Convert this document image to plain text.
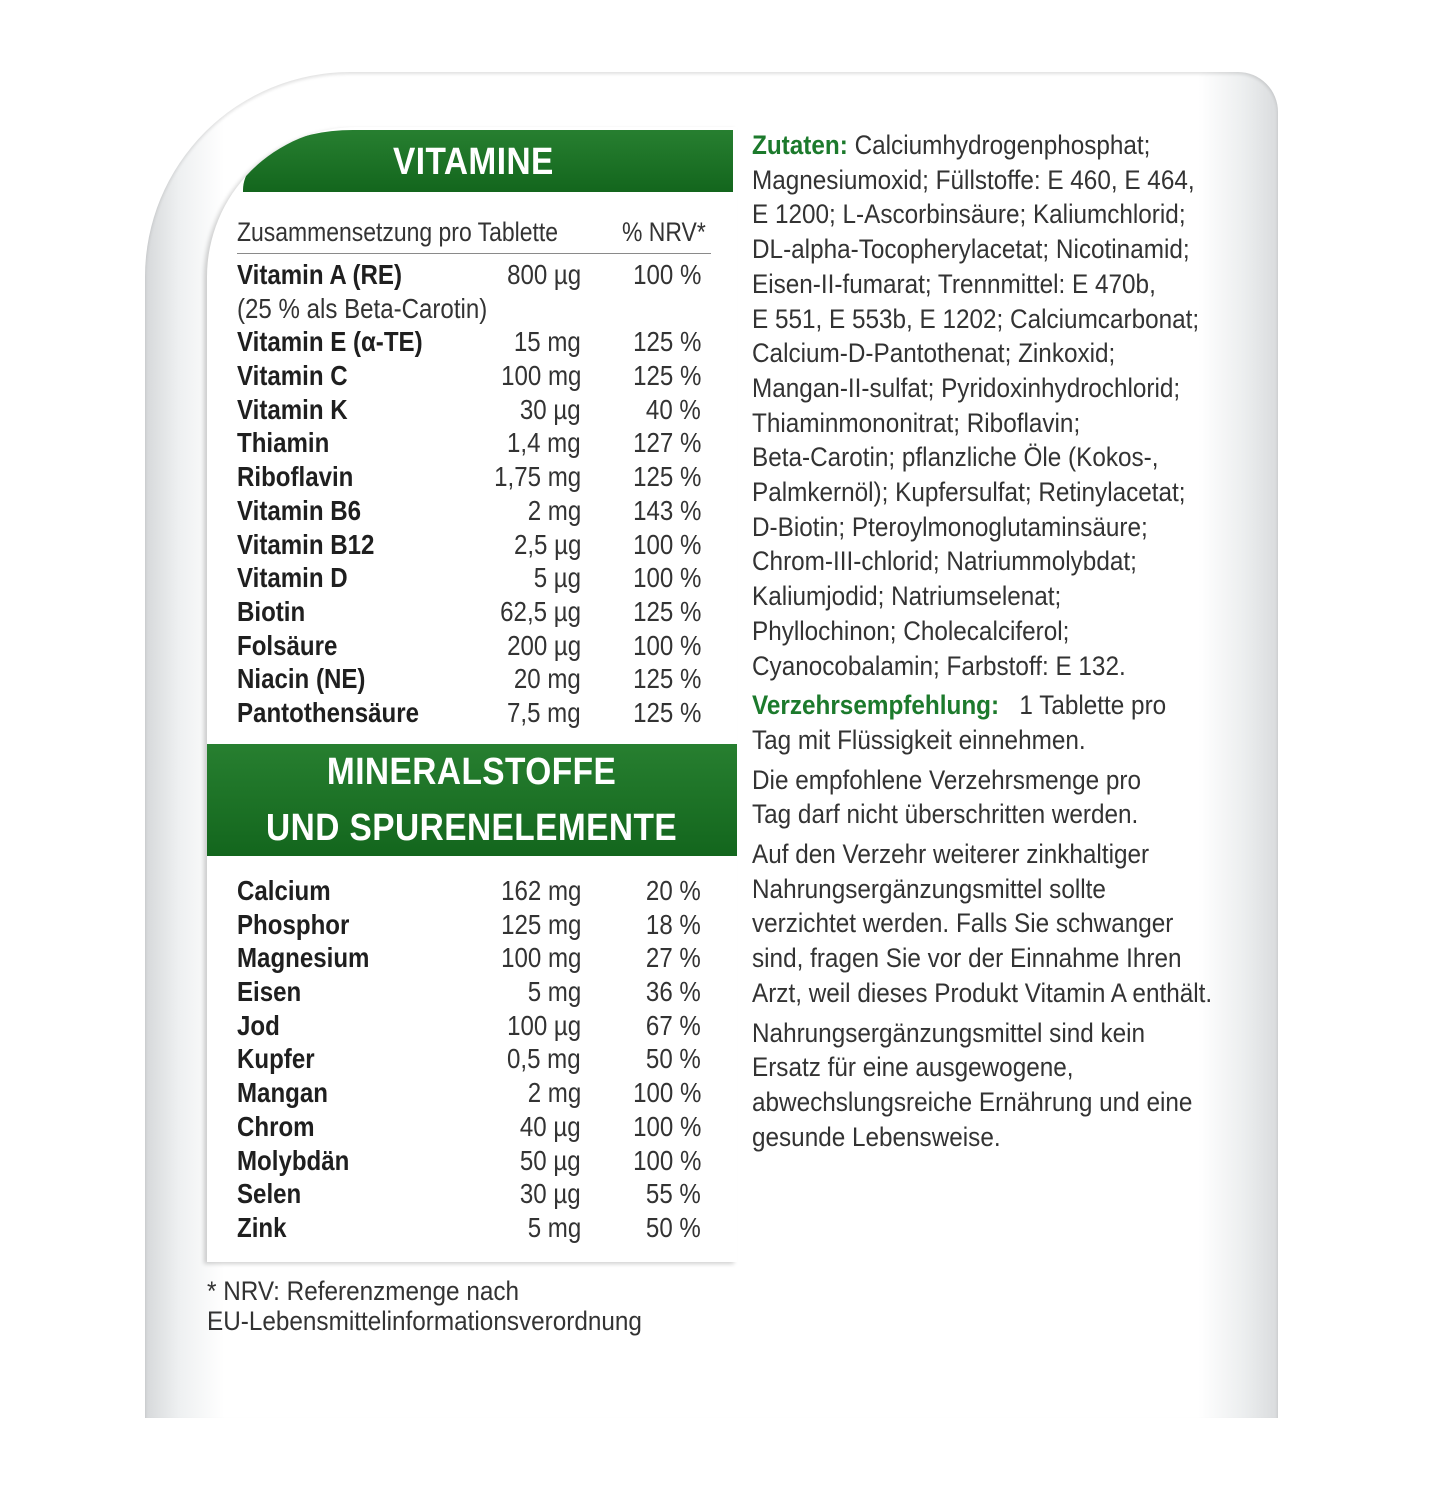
VITAMINE
Zusammensetzung pro Tablette % NRV*
Vitamin A (RE)	800 µg 100 %
(25 % als Beta-Carotin)
Vitamin E (α-TE)	15 mg 125 %
Vitamin C	100 mg 125 %
Vitamin K	30 µg 40 %
Thiamin	1,4 mg 127 %
Riboflavin	1,75 mg 125 %
Vitamin B6	2 mg 143 %
Vitamin B12	2,5 µg 100 %
Vitamin D	5 µg 100 %
Biotin	62,5 µg 125 %
Folsäure	200 µg 100 %
Niacin (NE)	20 mg 125 %
Pantothensäure	7,5 mg 125 %
MINERALSTOFFE
UND SPURENELEMENTE
Calcium	162 mg 20 %
Phosphor	125 mg 18 %
Magnesium	100 mg 27 %
Eisen	5 mg 36 %
Jod	100 µg 67 %
Kupfer	0,5 mg 50 %
Mangan	2 mg 100 %
Chrom	40 µg 100 %
Molybdän	50 µg 100 %
Selen	30 µg 55 %
Zink	5 mg 50 %
* NRV: Referenzmenge nach
EU-Lebensmittelinformationsverordnung

Zutaten: Calciumhydrogenphosphat;
Magnesiumoxid; Füllstoffe: E 460, E 464,
E 1200; L-Ascorbinsäure; Kaliumchlorid;
DL-alpha-Tocopherylacetat; Nicotinamid;
Eisen-II-fumarat; Trennmittel: E 470b,
E 551, E 553b, E 1202; Calciumcarbonat;
Calcium-D-Pantothenat; Zinkoxid;
Mangan-II-sulfat; Pyridoxinhydrochlorid;
Thiaminmononitrat; Riboflavin;
Beta-Carotin; pflanzliche Öle (Kokos-,
Palmkernöl); Kupfersulfat; Retinylacetat;
D-Biotin; Pteroylmonoglutaminsäure;
Chrom-III-chlorid; Natriummolybdat;
Kaliumjodid; Natriumselenat;
Phyllochinon; Cholecalciferol;
Cyanocobalamin; Farbstoff: E 132.

Verzehrsempfehlung:   1 Tablette pro
Tag mit Flüssigkeit einnehmen.

Die empfohlene Verzehrsmenge pro
Tag darf nicht überschritten werden.

Auf den Verzehr weiterer zinkhaltiger
Nahrungsergänzungsmittel sollte
verzichtet werden. Falls Sie schwanger
sind, fragen Sie vor der Einnahme Ihren
Arzt, weil dieses Produkt Vitamin A enthält.

Nahrungsergänzungsmittel sind kein
Ersatz für eine ausgewogene,
abwechslungsreiche Ernährung und eine
gesunde Lebensweise.
